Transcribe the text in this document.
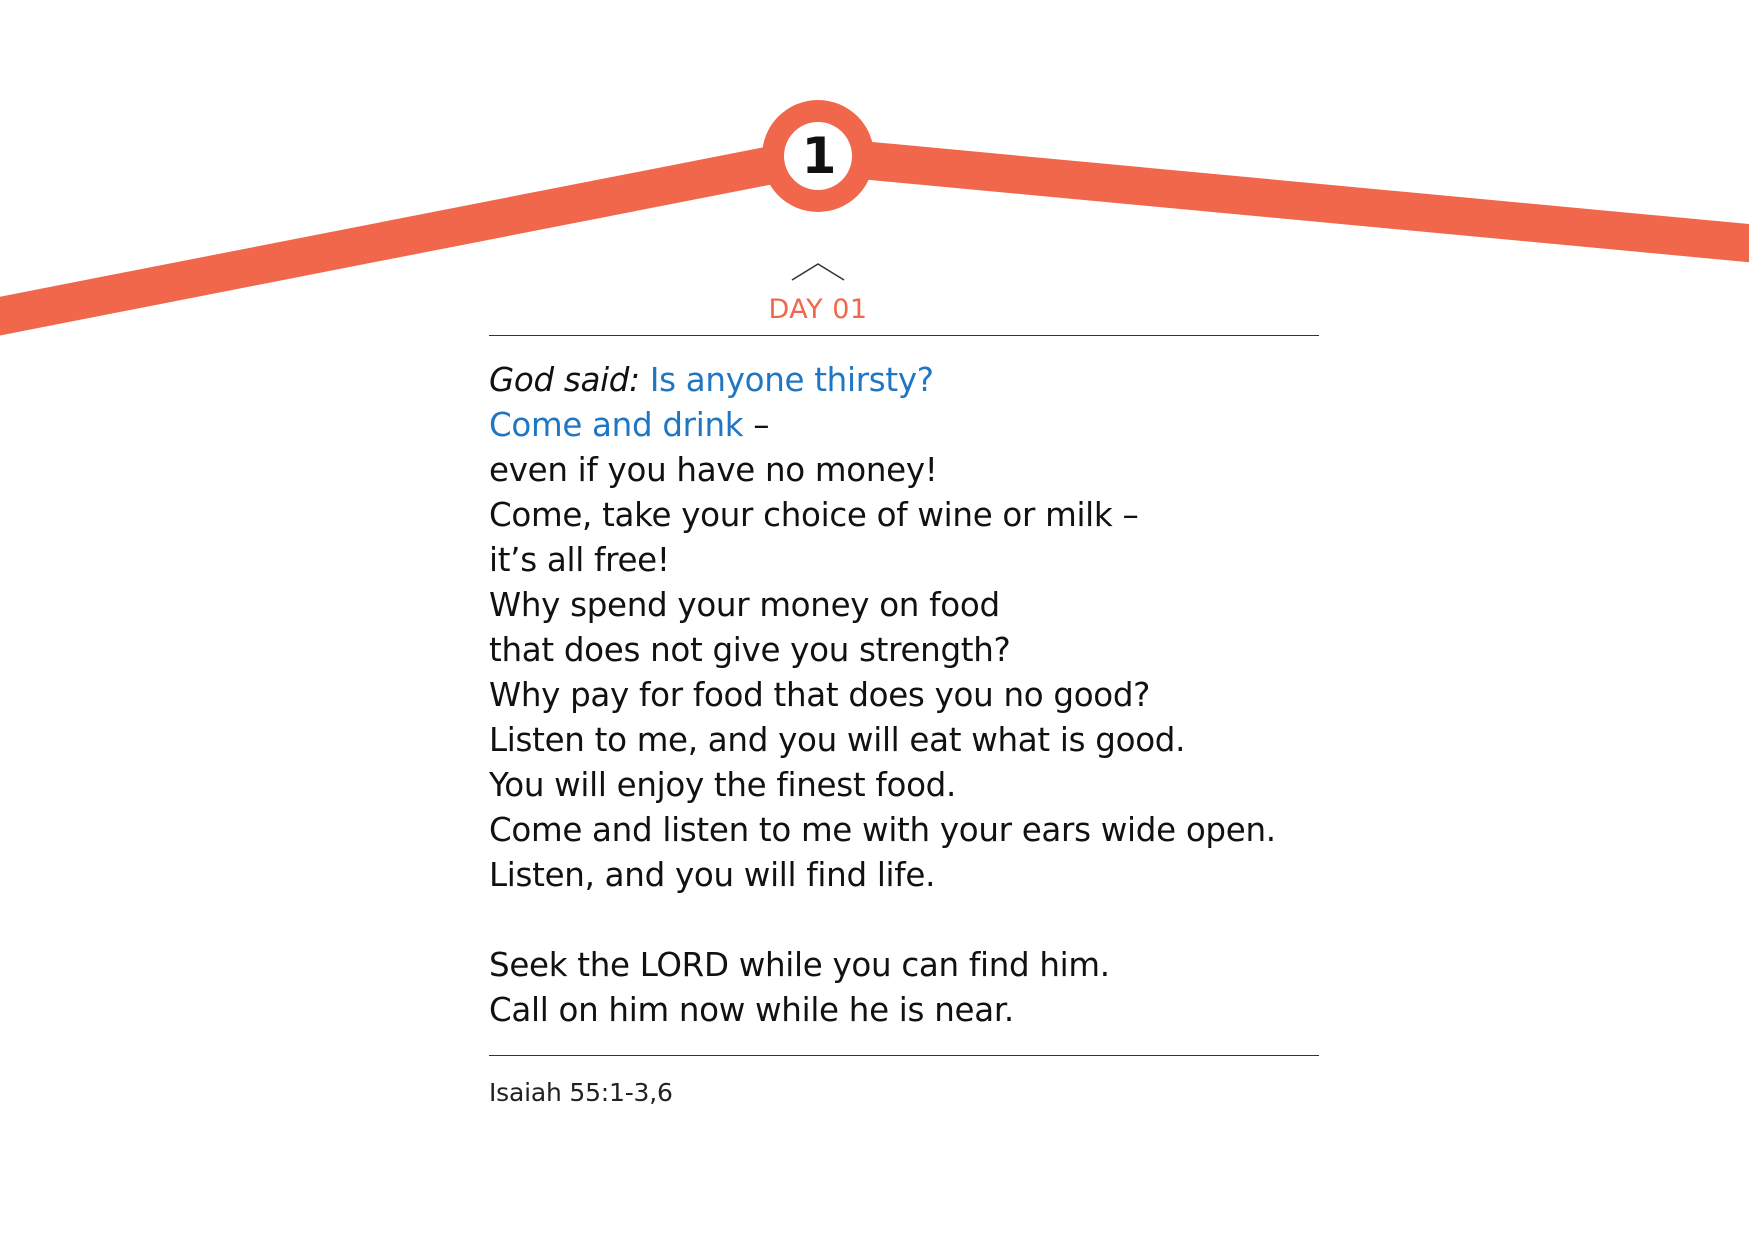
1
DAY 01
God said: Is anyone thirsty?
Come and drink –
even if you have no money!
Come, take your choice of wine or milk –
it’s all free!
Why spend your money on food
that does not give you strength?
Why pay for food that does you no good?
Listen to me, and you will eat what is good.
You will enjoy the finest food.
Come and listen to me with your ears wide open.
Listen, and you will find life.
Seek the LORD while you can find him.
Call on him now while he is near.
Isaiah 55:1-3,6
